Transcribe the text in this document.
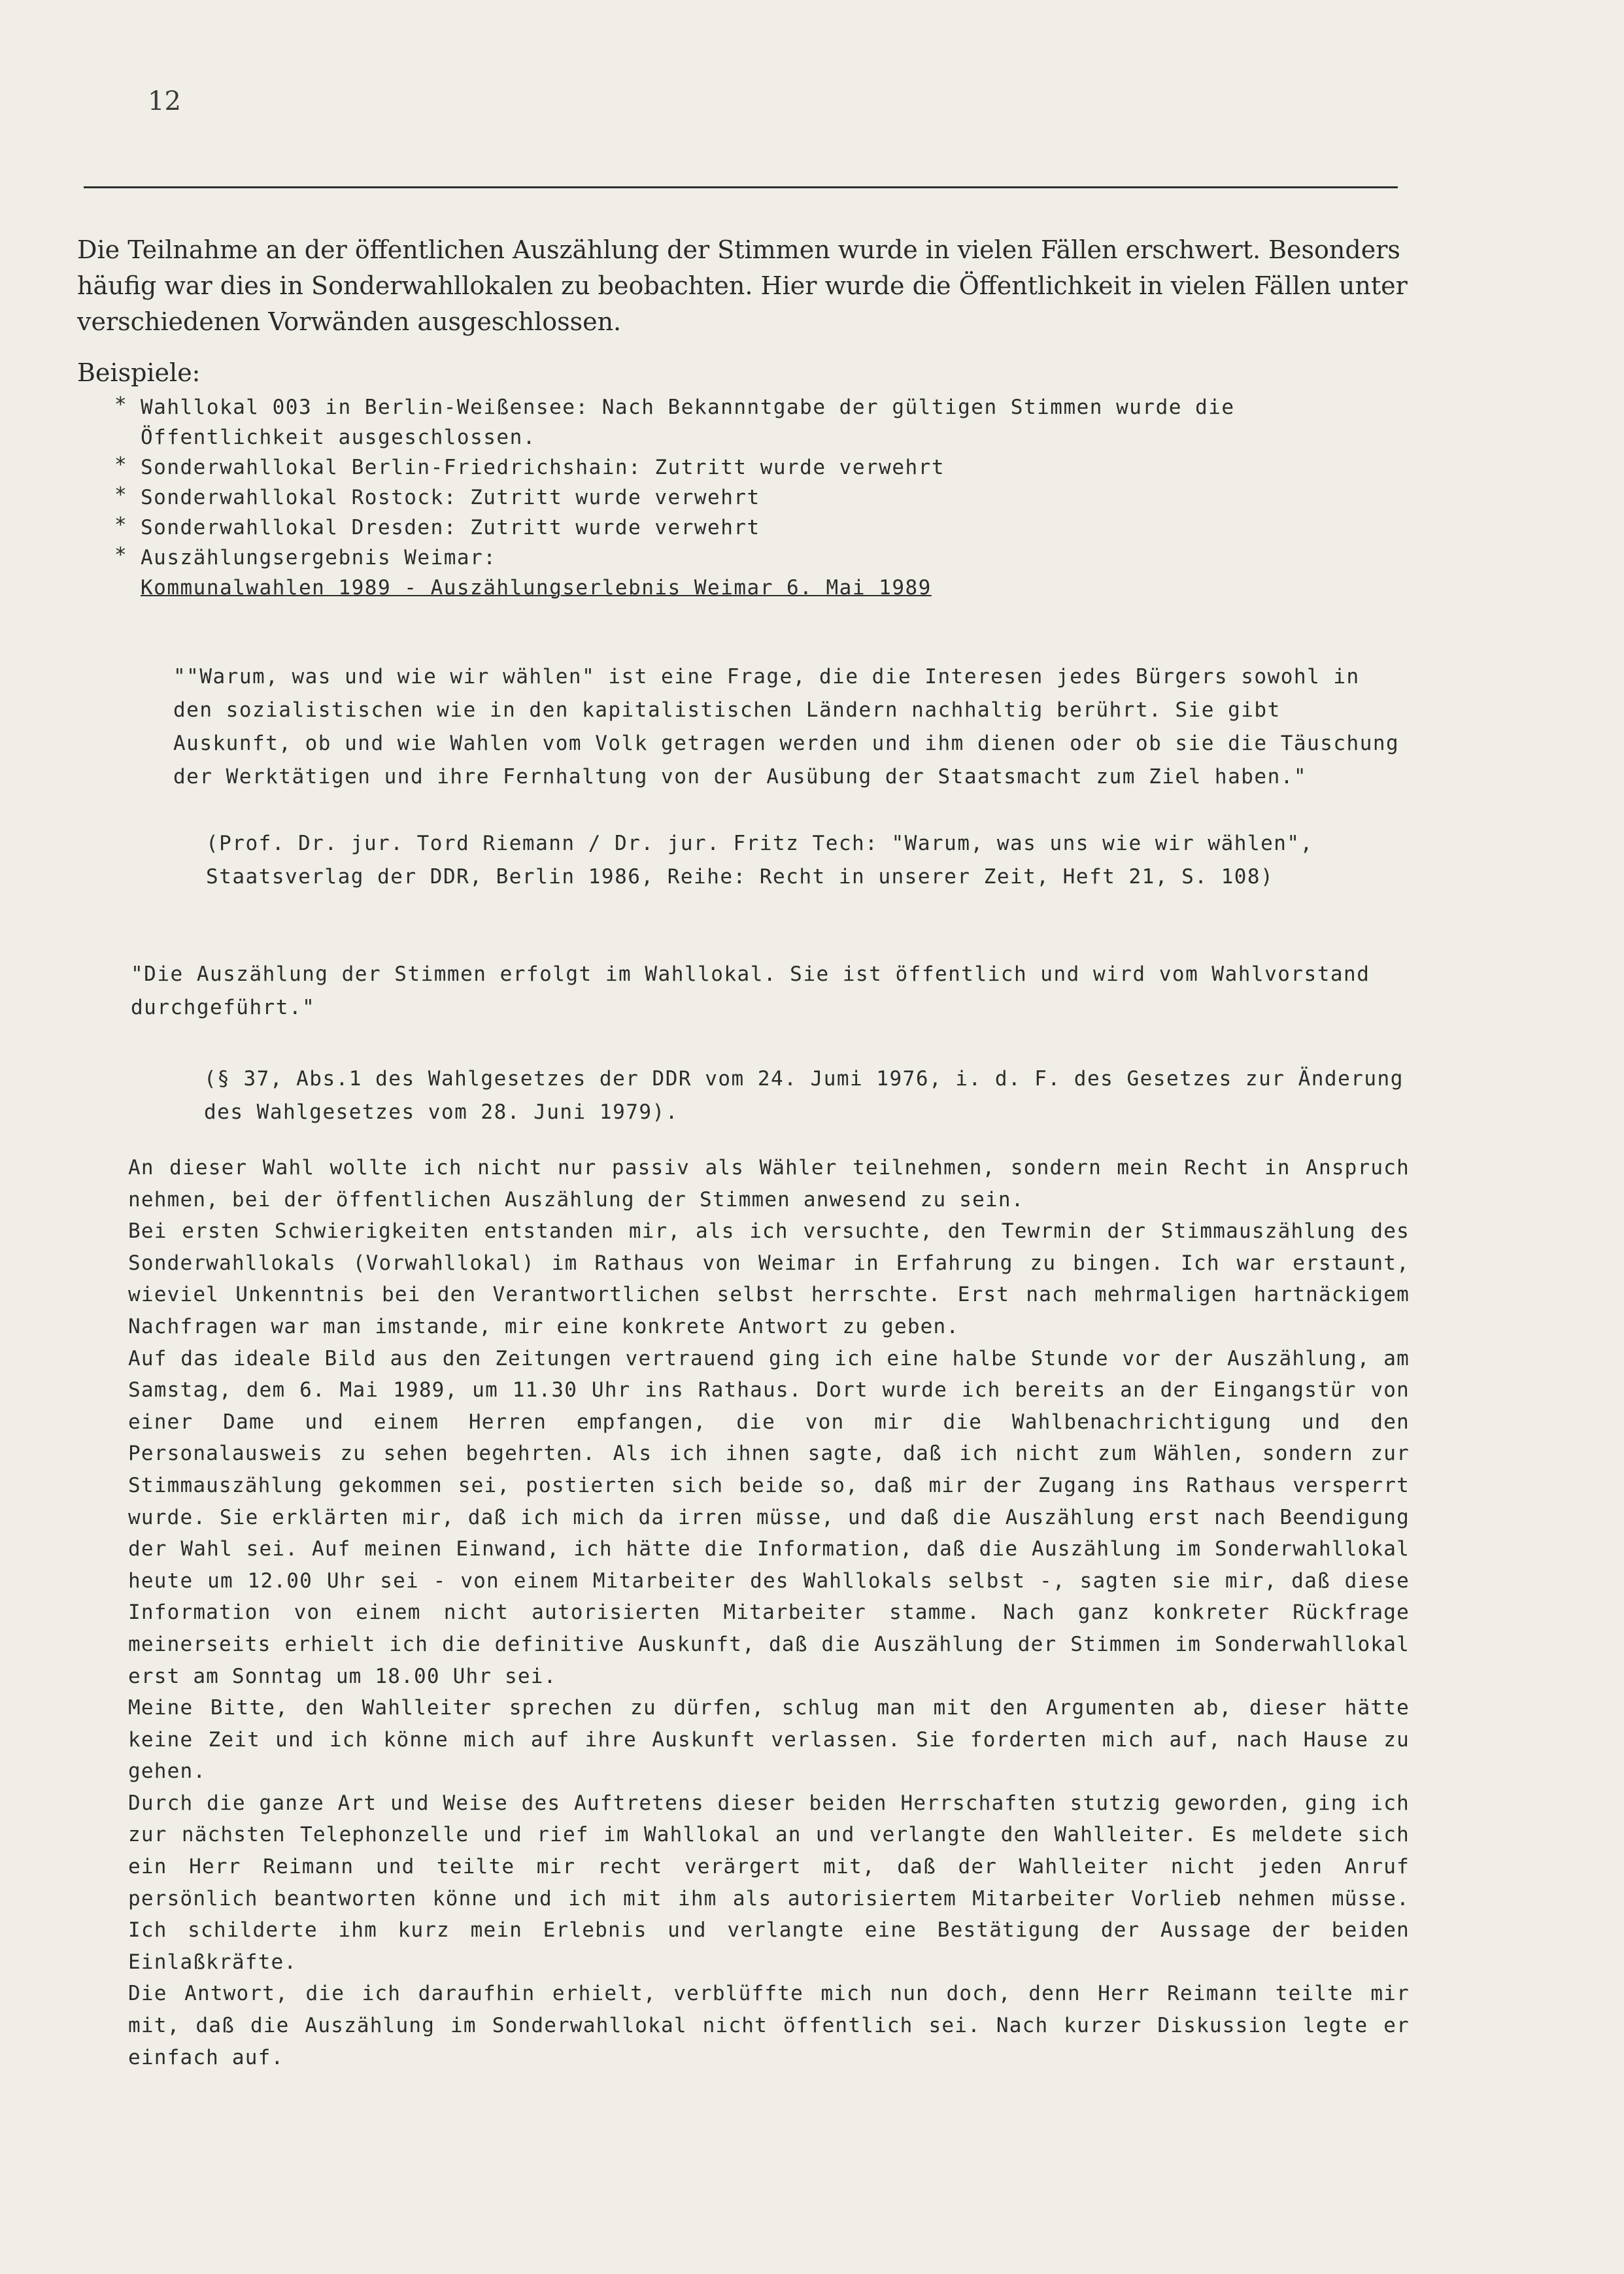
12

Die Teilnahme an der öffentlichen Auszählung der Stimmen wurde in vielen Fällen erschwert. Besonders häufig war dies in Sonderwahllokalen zu beobachten. Hier wurde die Öffentlichkeit in vielen Fällen unter verschiedenen Vorwänden ausgeschlossen.

Beispiele:
* Wahllokal 003 in Berlin-Weißensee: Nach Bekannntgabe der gültigen Stimmen wurde die Öffentlichkeit ausgeschlossen.
* Sonderwahllokal Berlin-Friedrichshain: Zutritt wurde verwehrt
* Sonderwahllokal Rostock: Zutritt wurde verwehrt
* Sonderwahllokal Dresden: Zutritt wurde verwehrt
* Auszählungsergebnis Weimar:
Kommunalwahlen 1989 - Auszählungserlebnis Weimar 6. Mai 1989

""Warum, was und wie wir wählen" ist eine Frage, die die Interesen jedes Bürgers sowohl in den sozialistischen wie in den kapitalistischen Ländern nachhaltig berührt. Sie gibt Auskunft, ob und wie Wahlen vom Volk getragen werden und ihm dienen oder ob sie die Täuschung der Werktätigen und ihre Fernhaltung von der Ausübung der Staatsmacht zum Ziel haben."

(Prof. Dr. jur. Tord Riemann / Dr. jur. Fritz Tech: "Warum, was uns wie wir wählen", Staatsverlag der DDR, Berlin 1986, Reihe: Recht in unserer Zeit, Heft 21, S. 108)

"Die Auszählung der Stimmen erfolgt im Wahllokal. Sie ist öffentlich und wird vom Wahlvorstand durchgeführt."

(§ 37, Abs.1 des Wahlgesetzes der DDR vom 24. Jumi 1976, i. d. F. des Gesetzes zur Änderung des Wahlgesetzes vom 28. Juni 1979).

An dieser Wahl wollte ich nicht nur passiv als Wähler teilnehmen, sondern mein Recht in Anspruch nehmen, bei der öffentlichen Auszählung der Stimmen anwesend zu sein.

Bei ersten Schwierigkeiten entstanden mir, als ich versuchte, den Tewrmin der Stimmauszählung des Sonderwahllokals (Vorwahllokal) im Rathaus von Weimar in Erfahrung zu bingen. Ich war erstaunt, wieviel Unkenntnis bei den Verantwortlichen selbst herrschte. Erst nach mehrmaligen hartnäckigem Nachfragen war man imstande, mir eine konkrete Antwort zu geben.

Auf das ideale Bild aus den Zeitungen vertrauend ging ich eine halbe Stunde vor der Auszählung, am Samstag, dem 6. Mai 1989, um 11.30 Uhr ins Rathaus. Dort wurde ich bereits an der Eingangstür von einer Dame und einem Herren empfangen, die von mir die Wahlbenachrichtigung und den Personalausweis zu sehen begehrten. Als ich ihnen sagte, daß ich nicht zum Wählen, sondern zur Stimmauszählung gekommen sei, postierten sich beide so, daß mir der Zugang ins Rathaus versperrt wurde. Sie erklärten mir, daß ich mich da irren müsse, und daß die Auszählung erst nach Beendigung der Wahl sei. Auf meinen Einwand, ich hätte die Information, daß die Auszählung im Sonderwahllokal heute um 12.00 Uhr sei - von einem Mitarbeiter des Wahllokals selbst -, sagten sie mir, daß diese Information von einem nicht autorisierten Mitarbeiter stamme. Nach ganz konkreter Rückfrage meinerseits erhielt ich die definitive Auskunft, daß die Auszählung der Stimmen im Sonderwahllokal erst am Sonntag um 18.00 Uhr sei.

Meine Bitte, den Wahlleiter sprechen zu dürfen, schlug man mit den Argumenten ab, dieser hätte keine Zeit und ich könne mich auf ihre Auskunft verlassen. Sie forderten mich auf, nach Hause zu gehen.

Durch die ganze Art und Weise des Auftretens dieser beiden Herrschaften stutzig geworden, ging ich zur nächsten Telephonzelle und rief im Wahllokal an und verlangte den Wahlleiter. Es meldete sich ein Herr Reimann und teilte mir recht verärgert mit, daß der Wahlleiter nicht jeden Anruf persönlich beantworten könne und ich mit ihm als autorisiertem Mitarbeiter Vorlieb nehmen müsse. Ich schilderte ihm kurz mein Erlebnis und verlangte eine Bestätigung der Aussage der beiden Einlaßkräfte.

Die Antwort, die ich daraufhin erhielt, verblüffte mich nun doch, denn Herr Reimann teilte mir mit, daß die Auszählung im Sonderwahllokal nicht öffentlich sei. Nach kurzer Diskussion legte er einfach auf.
